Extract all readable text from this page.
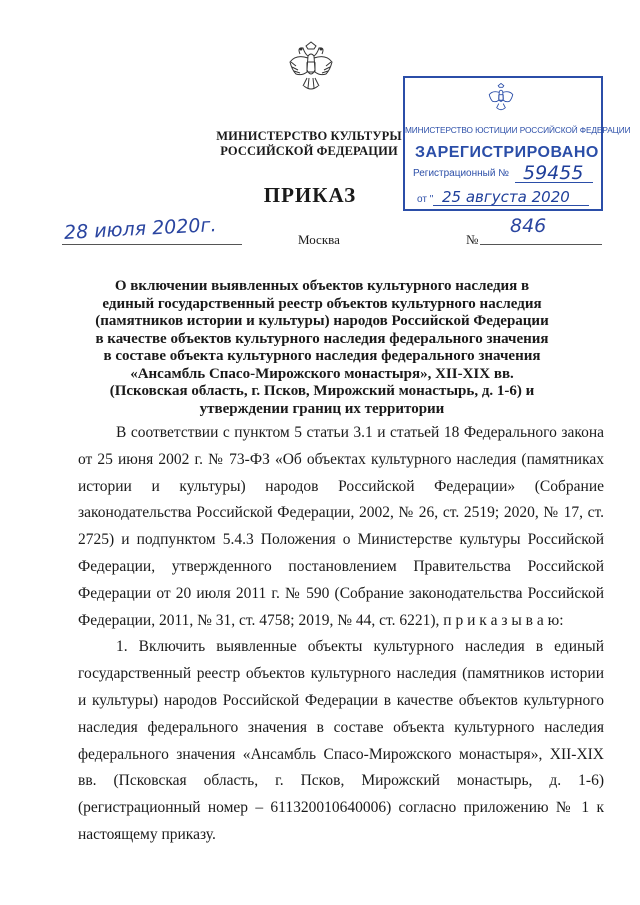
МИНИСТЕРСТВО КУЛЬТУРЫ
РОССИЙСКОЙ ФЕДЕРАЦИИ
ПРИКАЗ
МИНИСТЕРСТВО ЮСТИЦИИ РОССИЙСКОЙ ФЕДЕРАЦИИ
ЗАРЕГИСТРИРОВАНО
Регистрационный № 59455
от " 25 августа 2020
28 июля 2020г.	Москва	№
846
О включении выявленных объектов культурного наследия в единый государственный реестр объектов культурного наследия (памятников истории и культуры) народов Российской Федерации в качестве объектов культурного наследия федерального значения в составе объекта культурного наследия федерального значения «Ансамбль Спасо-Мирожского монастыря», XII-XIX вв. (Псковская область, г. Псков, Мирожский монастырь, д. 1-6) и утверждении границ их территории

В соответствии с пунктом 5 статьи 3.1 и статьей 18 Федерального закона от 25 июня 2002 г. № 73-ФЗ «Об объектах культурного наследия (памятниках истории и культуры) народов Российской Федерации» (Собрание законодательства Российской Федерации, 2002, № 26, ст. 2519; 2020, № 17, ст. 2725) и подпунктом 5.4.3 Положения о Министерстве культуры Российской Федерации, утвержденного постановлением Правительства Российской Федерации от 20 июля 2011 г. № 590 (Собрание законодательства Российской Федерации, 2011, № 31, ст. 4758; 2019, № 44, ст. 6221), п р и к а з ы в а ю:

1. Включить выявленные объекты культурного наследия в единый государственный реестр объектов культурного наследия (памятников истории и культуры) народов Российской Федерации в качестве объектов культурного наследия федерального значения в составе объекта культурного наследия федерального значения «Ансамбль Спасо-Мирожского монастыря», XII-XIX вв. (Псковская область, г. Псков, Мирожский монастырь, д. 1-6) (регистрационный номер – 611320010640006) согласно приложению № 1 к настоящему приказу.
